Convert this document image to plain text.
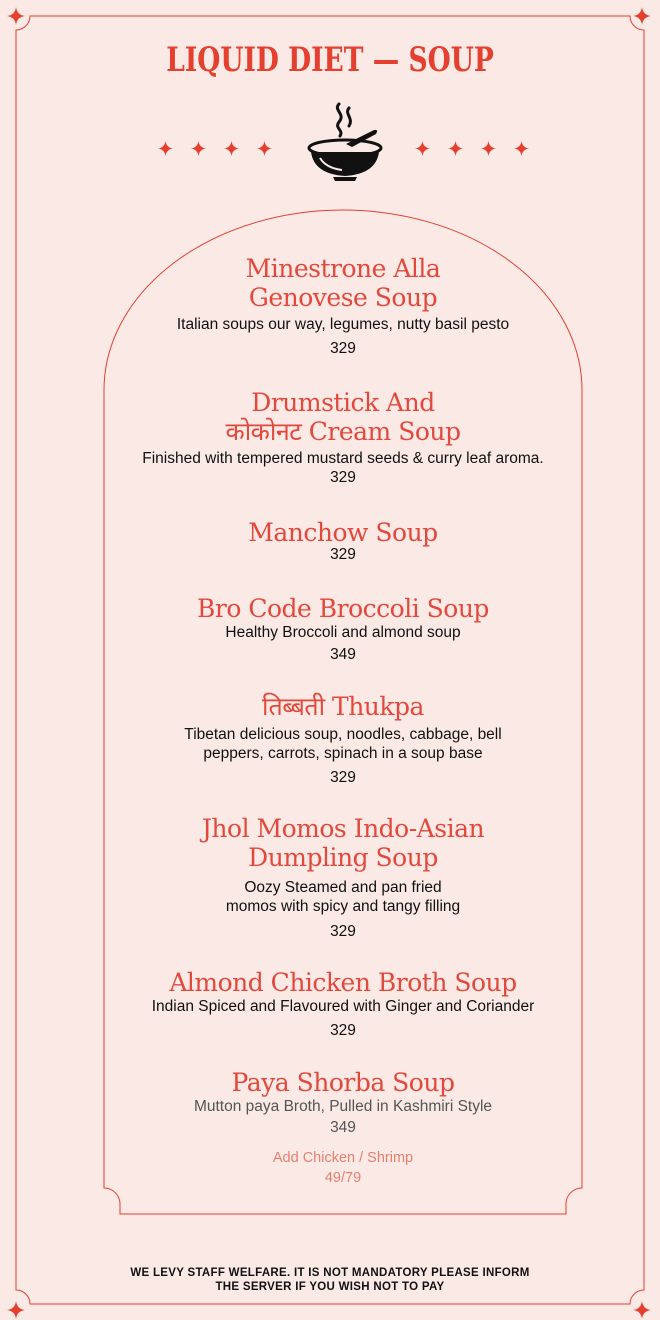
LIQUID DIET — SOUP
Minestrone Alla
Genovese Soup
Italian soups our way, legumes, nutty basil pesto
329
Drumstick And
कोकोनट Cream Soup
Finished with tempered mustard seeds & curry leaf aroma.
329
Manchow Soup
329
Bro Code Broccoli Soup
Healthy Broccoli and almond soup
349
तिब्बती Thukpa
Tibetan delicious soup, noodles, cabbage, bell
peppers, carrots, spinach in a soup base
329
Jhol Momos Indo-Asian
Dumpling Soup
Oozy Steamed and pan fried
momos with spicy and tangy filling
329
Almond Chicken Broth Soup
Indian Spiced and Flavoured with Ginger and Coriander
329
Paya Shorba Soup
Mutton paya Broth, Pulled in Kashmiri Style
349
Add Chicken / Shrimp
49/79
WE LEVY STAFF WELFARE. IT IS NOT MANDATORY PLEASE INFORM
THE SERVER IF YOU WISH NOT TO PAY
